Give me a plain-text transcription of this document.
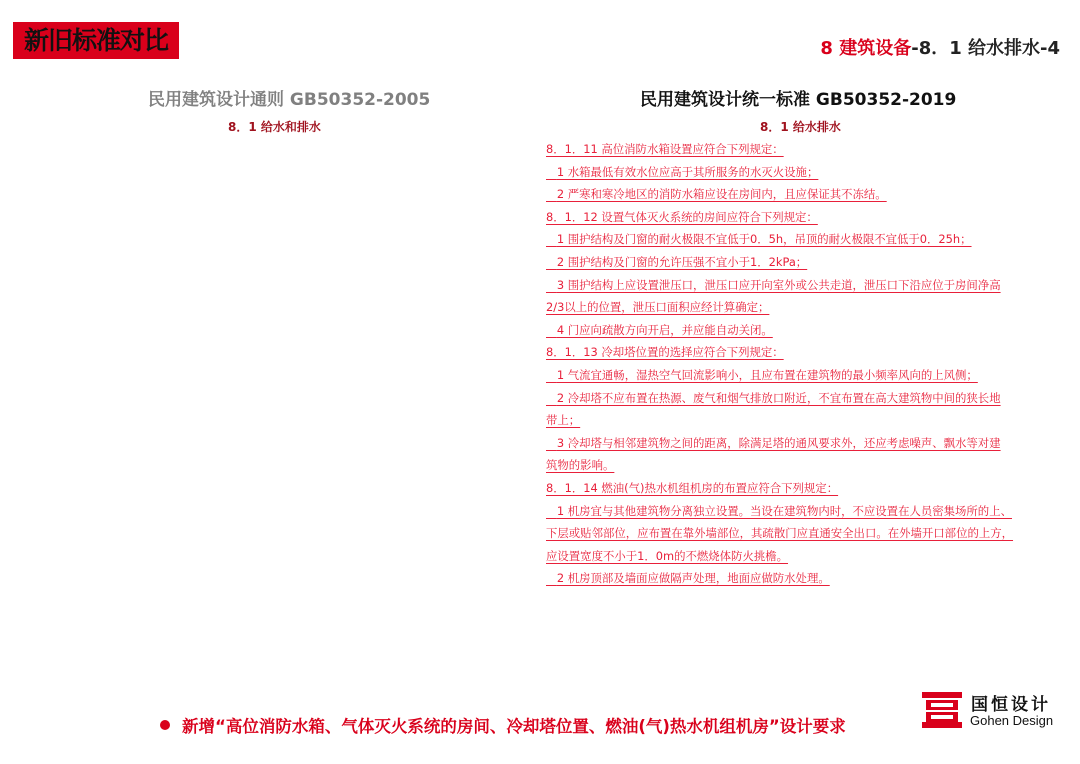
新旧标准对比	8 建筑设备-8．1 给水排水-4
民用建筑设计通则 GB50352-2005
8．1 给水和排水
民用建筑设计统一标准 GB50352-2019
8．1 给水排水
8．1．11 高位消防水箱设置应符合下列规定：
1 水箱最低有效水位应高于其所服务的水灭火设施；
2 严寒和寒冷地区的消防水箱应设在房间内，且应保证其不冻结。
8．1．12 设置气体灭火系统的房间应符合下列规定：
1 围护结构及门窗的耐火极限不宜低于0．5h，吊顶的耐火极限不宜低于0．25h；
2 围护结构及门窗的允许压强不宜小于1．2kPa；
3 围护结构上应设置泄压口，泄压口应开向室外或公共走道，泄压口下沿应位于房间净高
2/3以上的位置，泄压口面积应经计算确定；
4 门应向疏散方向开启，并应能自动关闭。
8．1．13 冷却塔位置的选择应符合下列规定：
1 气流宜通畅，湿热空气回流影响小，且应布置在建筑物的最小频率风向的上风侧；
2 冷却塔不应布置在热源、废气和烟气排放口附近，不宜布置在高大建筑物中间的狭长地
带上；
3 冷却塔与相邻建筑物之间的距离，除满足塔的通风要求外，还应考虑噪声、飘水等对建
筑物的影响。
8．1．14 燃油(气)热水机组机房的布置应符合下列规定：
1 机房宜与其他建筑物分离独立设置。当设在建筑物内时，不应设置在人员密集场所的上、
下层或贴邻部位，应布置在靠外墙部位，其疏散门应直通安全出口。在外墙开口部位的上方，
应设置宽度不小于1．0m的不燃烧体防火挑檐。
2 机房顶部及墙面应做隔声处理，地面应做防水处理。
新增“高位消防水箱、气体灭火系统的房间、冷却塔位置、燃油(气)热水机组机房”设计要求
国恒设计
Gohen Design
